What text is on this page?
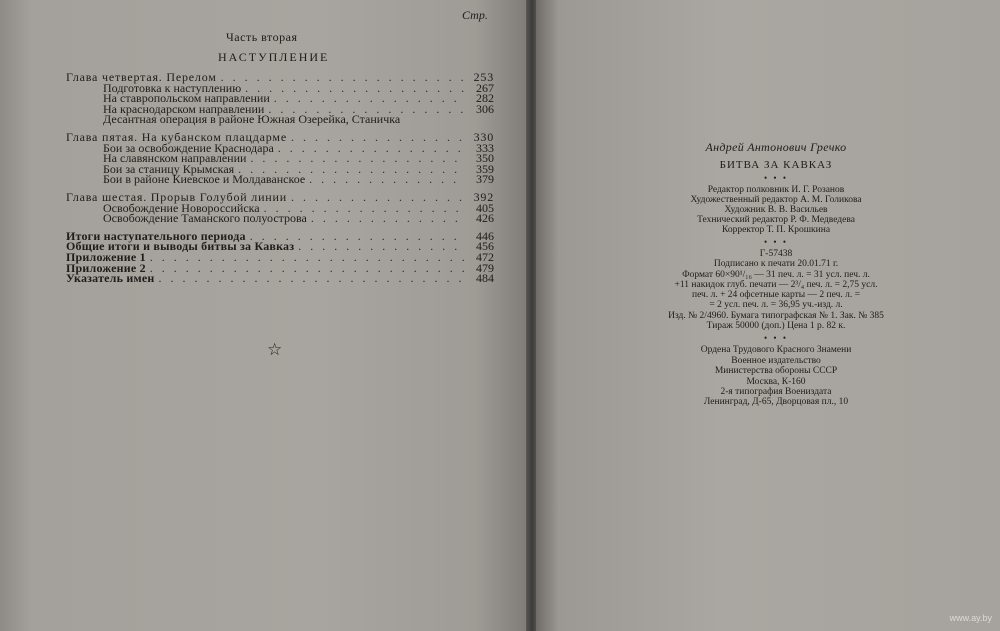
Стр.
Часть вторая
НАСТУПЛЕНИЕ
Глава четвертая. Перелом . . .	253
Подготовка к наступлению . . .	267
На ставропольском направлении . . .	282
На краснодарском направлении . . .	306
Десантная операция в районе Южная Озерейка, Станичка
Глава пятая. На кубанском плацдарме . . .	330
Бои за освобождение Краснодара . . .	333
На славянском направлении . . .	350
Бои за станицу Крымская . . .	359
Бои в районе Киевское и Молдаванское . . .	379
Глава шестая. Прорыв Голубой линии . . .	392
Освобождение Новороссийска . . .	405
Освобождение Таманского полуострова . . .	426
Итоги наступательного периода . . .	446
Общие итоги и выводы битвы за Кавказ . . .	456
Приложение 1 . . .	472
Приложение 2 . . .	479
Указатель имен . . .	484
☆
Андрей Антонович Гречко
БИТВА ЗА КАВКАЗ
• • •
Редактор полковник И. Г. Розанов
Художественный редактор А. М. Голикова
Художник В. В. Васильев
Технический редактор Р. Ф. Медведева
Корректор Т. П. Крошкина
• • •
Г-57438
Подписано к печати 20.01.71 г.
Формат 60×90¹/₁₆ — 31 печ. л. = 31 усл. печ. л.
+11 накидок глуб. печати — 2³/₄ печ. л. = 2,75 усл.
печ. л. + 24 офсетные карты — 2 печ. л. =
= 2 усл. печ. л. = 36,95 уч.-изд. л.
Изд. № 2/4960. Бумага типографская № 1. Зак. № 385
Тираж 50000 (доп.) Цена 1 р. 82 к.
• • •
Ордена Трудового Красного Знамени
Военное издательство
Министерства обороны СССР
Москва, К-160
2-я типография Воениздата
Ленинград, Д-65, Дворцовая пл., 10
www.ay.by
